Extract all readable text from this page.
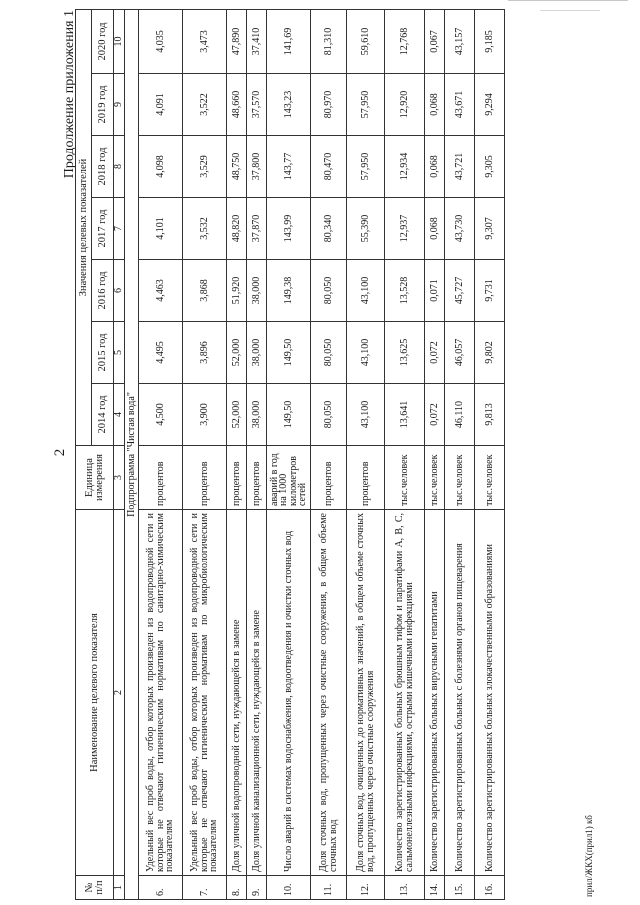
2
Продолжение приложения 1
№ п/п	Наименование целевого показателя	Единица измерения	Значения целевых показателей						
			2014 год	2015 год	2016 год	2017 год	2018 год	2019 год	2020 год
1	2	3	4	5	6	7	8	9	10
Подпрограмма "Чистая вода"									
6.	Удельный вес проб воды, отбор которых произведен из водопроводной сети и которые не отвечают гигиеническим нормативам по санитарно-химическим показателям	процентов	4,500	4,495	4,463	4,101	4,098	4,091	4,035
7.	Удельный вес проб воды, отбор которых произведен из водопроводной сети и которые не отвечают гигиеническим нормативам по микробиологическим показателям	процентов	3,900	3,896	3,868	3,532	3,529	3,522	3,473
8.	Доля уличной водопроводной сети, нуждающейся в замене	процентов	52,000	52,000	51,920	48,820	48,750	48,660	47,890
9.	Доля уличной канализационной сети, нуждающейся в замене	процентов	38,000	38,000	38,000	37,870	37,800	37,570	37,410
10.	Число аварий в системах водоснабжения, водоотведения и очистки сточных вод	аварий в год на 1000 километров сетей	149,50	149,50	149,38	143,99	143,77	143,23	141,69
11.	Доля сточных вод, пропущенных через очистные сооружения, в общем объеме сточных вод	процентов	80,050	80,050	80,050	80,340	80,470	80,970	81,310
12.	Доля сточных вод, очищенных до нормативных значений, в общем объеме сточных вод, пропущенных через очистные сооружения	процентов	43,100	43,100	43,100	55,390	57,950	57,950	59,610
13.	Количество зарегистрированных больных брюшным тифом и паратифами А, В, С, сальмонеллезными инфекциями, острыми кишечными инфекциями	тыс.человек	13,641	13,625	13,528	12,937	12,934	12,920	12,768
14.	Количество зарегистрированных больных вирусными гепатитами	тыс.человек	0,072	0,072	0,071	0,068	0,068	0,068	0,067
15.	Количество зарегистрированных больных с болезнями органов пищеварения	тыс.человек	46,110	46,057	45,727	43,730	43,721	43,671	43,157
16.	Количество зарегистрированных больных злокачественными образованиями	тыс.человек	9,813	9,802	9,731	9,307	9,305	9,294	9,185
прил/ЖКХ(прил1) кб
